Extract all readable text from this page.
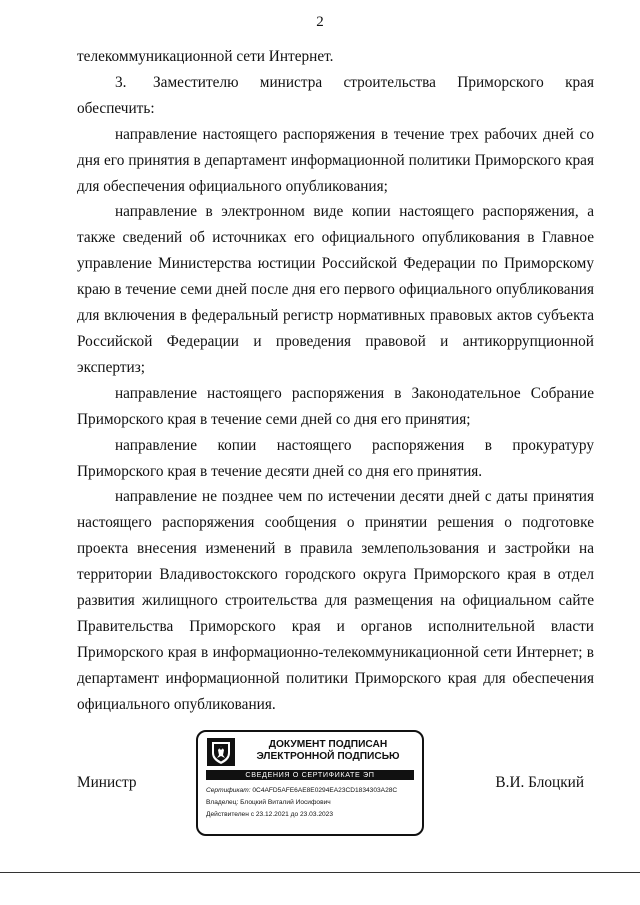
2

телекоммуникационной сети Интернет.

3. Заместителю министра строительства Приморского края обеспечить:

направление настоящего распоряжения в течение трех рабочих дней со дня его принятия в департамент информационной политики Приморского края для обеспечения официального опубликования;

направление в электронном виде копии настоящего распоряжения, а также сведений об источниках его официального опубликования в Главное управление Министерства юстиции Российской Федерации по Приморскому краю в течение семи дней после дня его первого официального опубликования для включения в федеральный регистр нормативных правовых актов субъекта Российской Федерации и проведения правовой и антикоррупционной экспертиз;

направление настоящего распоряжения в Законодательное Собрание Приморского края в течение семи дней со дня его принятия;

направление копии настоящего распоряжения в прокуратуру Приморского края в течение десяти дней со дня его принятия.

направление не позднее чем по истечении десяти дней с даты принятия настоящего распоряжения сообщения о принятии решения о подготовке проекта внесения изменений в правила землепользования и застройки на территории Владивостокского городского округа Приморского края в отдел развития жилищного строительства для размещения на официальном сайте Правительства Приморского края и органов исполнительной власти Приморского края в информационно-телекоммуникационной сети Интернет; в департамент информационной политики Приморского края для обеспечения официального опубликования.

Министр
ДОКУМЕНТ ПОДПИСАН
ЭЛЕКТРОННОЙ ПОДПИСЬЮ
СВЕДЕНИЯ О СЕРТИФИКАТЕ ЭП
Сертификат: 0C4AFD5AFE6AE8E0294EA23CD1834303A28C
Владелец: Блоцкий Виталий Иосифович
Действителен с 23.12.2021 до 23.03.2023
В.И. Блоцкий
